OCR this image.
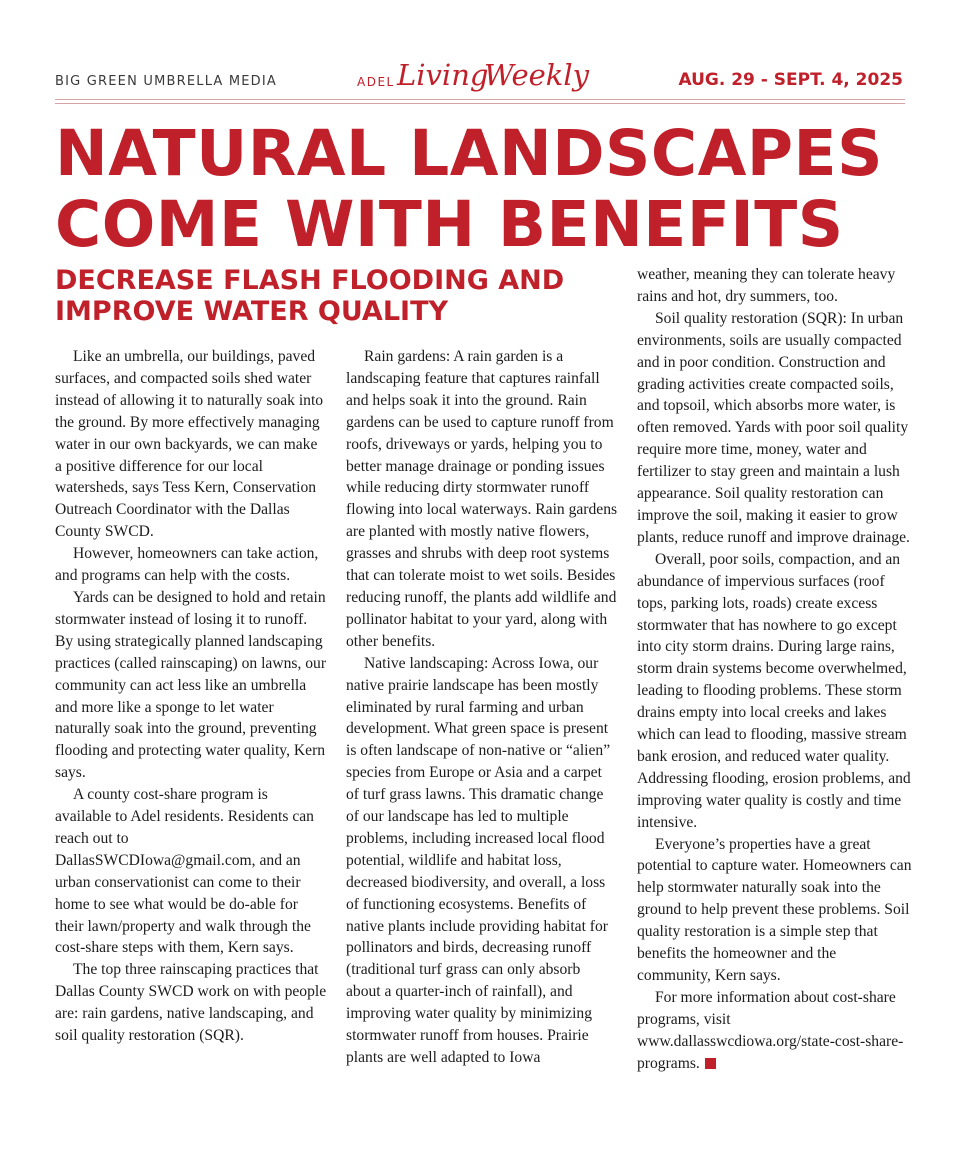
BIG GREEN UMBRELLA MEDIA	ADEL Living
Weekly	AUG. 29 - SEPT. 4, 2025
NATURAL LANDSCAPES COME WITH BENEFITS
DECREASE FLASH FLOODING AND IMPROVE WATER QUALITY

Like an umbrella, our buildings, paved surfaces, and compacted soils shed water instead of allowing it to naturally soak into the ground. By more effectively managing water in our own backyards, we can make a positive difference for our local watersheds, says Tess Kern, Conservation Outreach Coordinator with the Dallas County SWCD.

However, homeowners can take action, and programs can help with the costs.

Yards can be designed to hold and retain stormwater instead of losing it to runoff. By using strategically planned landscaping practices (called rainscaping) on lawns, our community can act less like an umbrella and more like a sponge to let water naturally soak into the ground, preventing flooding and protecting water quality, Kern says.

A county cost-share program is available to Adel residents. Residents can reach out to DallasSWCDIowa@gmail.com, and an urban conservationist can come to their home to see what would be do-able for their lawn/property and walk through the cost-share steps with them, Kern says.

The top three rainscaping practices that Dallas County SWCD work on with people are: rain gardens, native landscaping, and soil quality restoration (SQR).

Rain gardens: A rain garden is a landscaping feature that captures rainfall and helps soak it into the ground. Rain gardens can be used to capture runoff from roofs, driveways or yards, helping you to better manage drainage or ponding issues while reducing dirty stormwater runoff flowing into local waterways. Rain gardens are planted with mostly native flowers, grasses and shrubs with deep root systems that can tolerate moist to wet soils. Besides reducing runoff, the plants add wildlife and pollinator habitat to your yard, along with other benefits.

Native landscaping: Across Iowa, our native prairie landscape has been mostly eliminated by rural farming and urban development. What green space is present is often landscape of non-native or “alien” species from Europe or Asia and a carpet of turf grass lawns. This dramatic change of our landscape has led to multiple problems, including increased local flood potential, wildlife and habitat loss, decreased biodiversity, and overall, a loss of functioning ecosystems. Benefits of native plants include providing habitat for pollinators and birds, decreasing runoff (traditional turf grass can only absorb about a quarter-inch of rainfall), and improving water quality by minimizing stormwater runoff from houses. Prairie plants are well adapted to Iowa

weather, meaning they can tolerate heavy rains and hot, dry summers, too.

Soil quality restoration (SQR): In urban environments, soils are usually compacted and in poor condition. Construction and grading activities create compacted soils, and topsoil, which absorbs more water, is often removed. Yards with poor soil quality require more time, money, water and fertilizer to stay green and maintain a lush appearance. Soil quality restoration can improve the soil, making it easier to grow plants, reduce runoff and improve drainage.

Overall, poor soils, compaction, and an abundance of impervious surfaces (roof tops, parking lots, roads) create excess stormwater that has nowhere to go except into city storm drains. During large rains, storm drain systems become overwhelmed, leading to flooding problems. These storm drains empty into local creeks and lakes which can lead to flooding, massive stream bank erosion, and reduced water quality. Addressing flooding, erosion problems, and improving water quality is costly and time intensive.

Everyone’s properties have a great potential to capture water. Homeowners can help stormwater naturally soak into the ground to help prevent these problems. Soil quality restoration is a simple step that benefits the homeowner and the community, Kern says.

For more information about cost-share programs, visit www.dallasswcdiowa.org/state-cost-share-programs.
